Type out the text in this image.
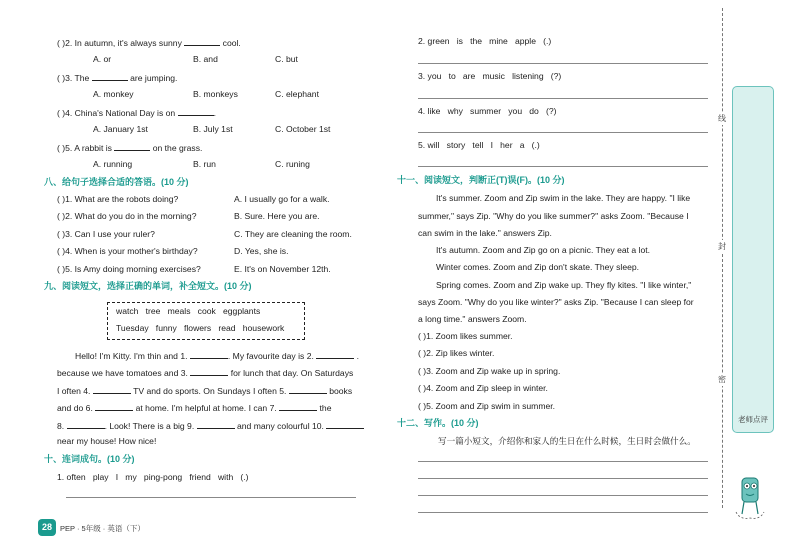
( )2. In autumn, it's always sunny	cool.
A. or	B. and	C. but
( )3. The	are jumping.
A. monkey	B. monkeys	C. elephant
( )4. China's National Day is on	.
A. January 1st	B. July 1st	C. October 1st
( )5. A rabbit is	on the grass.
A. running	B. run	C. runing
八、给句子选择合适的答语。(10 分)
( )1. What are the robots doing?	A. I usually go for a walk.
( )2. What do you do in the morning?	B. Sure. Here you are.
( )3. Can I use your ruler?	C. They are cleaning the room.
( )4. When is your mother's birthday?	D. Yes, she is.
( )5. Is Amy doing morning exercises?	E. It's on November 12th.
九、阅读短文，选择正确的单词，补全短文。(10 分)
watch   tree   meals   cook   eggplants
Tuesday   funny   flowers   read   housework
Hello! I'm Kitty. I'm thin and 1.	. My favourite day is 2.	.
because we have tomatoes and 3.	for lunch that day. On Saturdays
I often 4.	TV and do sports. On Sundays I often 5.	books
and do 6.	at home. I'm helpful at home. I can 7.	the
8.	. Look! There is a big 9.	and many colourful 10.
near my house! How nice!
十、连词成句。(10 分)
1. often   play   I   my   ping-pong   friend   with   (.)
28	PEP · 5年级 · 英语（下）
2. green   is   the   mine   apple   (.)
3. you   to   are   music   listening   (?)
4. like   why   summer   you   do   (?)
5. will   story   tell   I   her   a   (.)
十一、阅读短文，判断正(T)误(F)。(10 分)
It's summer. Zoom and Zip swim in the lake. They are happy. "I like
summer," says Zip. "Why do you like summer?" asks Zoom. "Because I
can swim in the lake." answers Zip.
It's autumn. Zoom and Zip go on a picnic. They eat a lot.
Winter comes. Zoom and Zip don't skate. They sleep.
Spring comes. Zoom and Zip wake up. They fly kites. "I like winter,"
says Zoom. "Why do you like winter?" asks Zip. "Because I can sleep for
a long time." answers Zoom.
( )1. Zoom likes summer.
( )2. Zip likes winter.
( )3. Zoom and Zip wake up in spring.
( )4. Zoom and Zip sleep in winter.
( )5. Zoom and Zip swim in summer.
十二、写作。(10 分)
写一篇小短文，介绍你和家人的生日在什么时候，生日时会做什么。
线
封
密
老师点评
